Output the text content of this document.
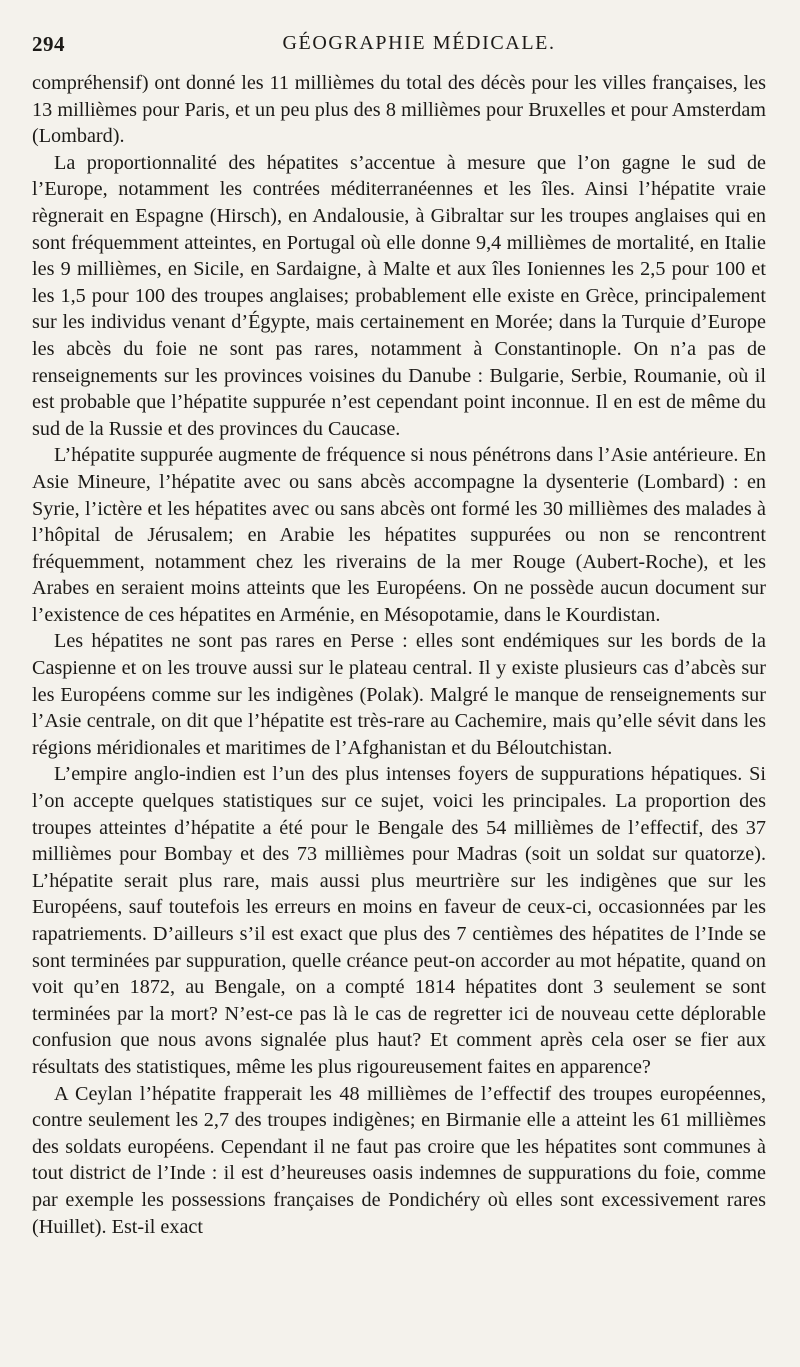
294	GÉOGRAPHIE MÉDICALE.

compréhensif) ont donné les 11 millièmes du total des décès pour les villes françaises, les 13 millièmes pour Paris, et un peu plus des 8 millièmes pour Bruxelles et pour Amsterdam (Lombard).

La proportionnalité des hépatites s’accentue à mesure que l’on gagne le sud de l’Europe, notamment les contrées méditerranéennes et les îles. Ainsi l’hépatite vraie règnerait en Espagne (Hirsch), en Andalousie, à Gibraltar sur les troupes anglaises qui en sont fréquemment atteintes, en Portugal où elle donne 9,4 millièmes de mortalité, en Italie les 9 millièmes, en Sicile, en Sardaigne, à Malte et aux îles Ioniennes les 2,5 pour 100 et les 1,5 pour 100 des troupes anglaises; probablement elle existe en Grèce, principalement sur les individus venant d’Égypte, mais certainement en Morée; dans la Turquie d’Europe les abcès du foie ne sont pas rares, notamment à Constantinople. On n’a pas de renseignements sur les provinces voisines du Danube : Bulgarie, Serbie, Roumanie, où il est probable que l’hépatite suppurée n’est cependant point inconnue. Il en est de même du sud de la Russie et des provinces du Caucase.

L’hépatite suppurée augmente de fréquence si nous pénétrons dans l’Asie antérieure. En Asie Mineure, l’hépatite avec ou sans abcès accompagne la dysenterie (Lombard) : en Syrie, l’ictère et les hépatites avec ou sans abcès ont formé les 30 millièmes des malades à l’hôpital de Jérusalem; en Arabie les hépatites suppurées ou non se rencontrent fréquemment, notamment chez les riverains de la mer Rouge (Aubert-Roche), et les Arabes en seraient moins atteints que les Européens. On ne possède aucun document sur l’existence de ces hépatites en Arménie, en Mésopotamie, dans le Kourdistan.

Les hépatites ne sont pas rares en Perse : elles sont endémiques sur les bords de la Caspienne et on les trouve aussi sur le plateau central. Il y existe plusieurs cas d’abcès sur les Européens comme sur les indigènes (Polak). Malgré le manque de renseignements sur l’Asie centrale, on dit que l’hépatite est très-rare au Cachemire, mais qu’elle sévit dans les régions méridionales et maritimes de l’Afghanistan et du Béloutchistan.

L’empire anglo-indien est l’un des plus intenses foyers de suppurations hépatiques. Si l’on accepte quelques statistiques sur ce sujet, voici les principales. La proportion des troupes atteintes d’hépatite a été pour le Bengale des 54 millièmes de l’effectif, des 37 millièmes pour Bombay et des 73 millièmes pour Madras (soit un soldat sur quatorze). L’hépatite serait plus rare, mais aussi plus meurtrière sur les indigènes que sur les Européens, sauf toutefois les erreurs en moins en faveur de ceux-ci, occasionnées par les rapatriements. D’ailleurs s’il est exact que plus des 7 centièmes des hépatites de l’Inde se sont terminées par suppuration, quelle créance peut-on accorder au mot hépatite, quand on voit qu’en 1872, au Bengale, on a compté 1814 hépatites dont 3 seulement se sont terminées par la mort? N’est-ce pas là le cas de regretter ici de nouveau cette déplorable confusion que nous avons signalée plus haut? Et comment après cela oser se fier aux résultats des statistiques, même les plus rigoureusement faites en apparence?

A Ceylan l’hépatite frapperait les 48 millièmes de l’effectif des troupes européennes, contre seulement les 2,7 des troupes indigènes; en Birmanie elle a atteint les 61 millièmes des soldats européens. Cependant il ne faut pas croire que les hépatites sont communes à tout district de l’Inde : il est d’heureuses oasis indemnes de suppurations du foie, comme par exemple les possessions françaises de Pondichéry où elles sont excessivement rares (Huillet). Est-il exact
